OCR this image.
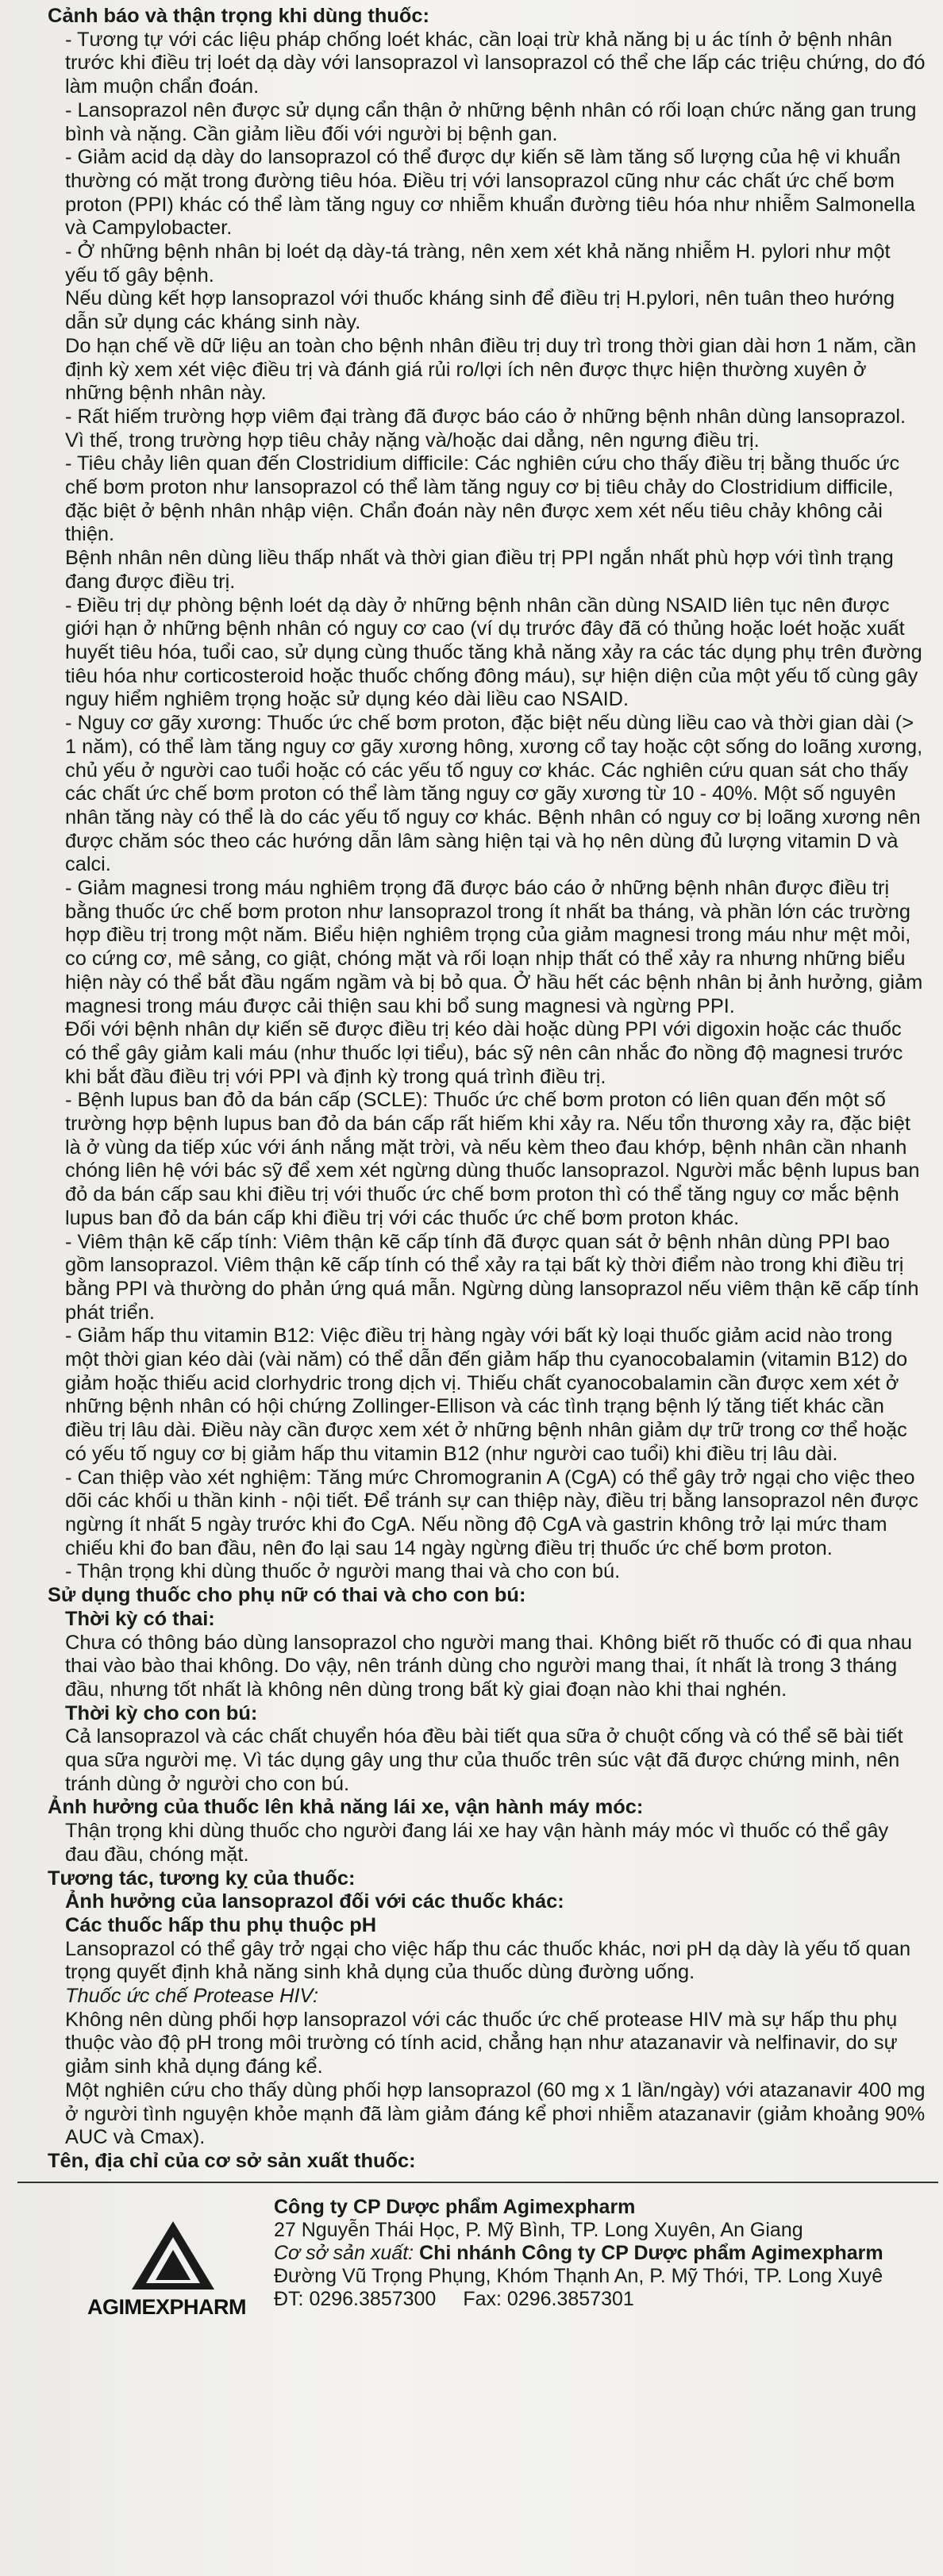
Cảnh báo và thận trọng khi dùng thuốc:

- Tương tự với các liệu pháp chống loét khác, cần loại trừ khả năng bị u ác tính ở bệnh nhân trước khi điều trị loét dạ dày với lansoprazol vì lansoprazol có thể che lấp các triệu chứng, do đó làm muộn chẩn đoán.

- Lansoprazol nên được sử dụng cẩn thận ở những bệnh nhân có rối loạn chức năng gan trung bình và nặng. Cần giảm liều đối với người bị bệnh gan.

- Giảm acid dạ dày do lansoprazol có thể được dự kiến sẽ làm tăng số lượng của hệ vi khuẩn thường có mặt trong đường tiêu hóa. Điều trị với lansoprazol cũng như các chất ức chế bơm proton (PPI) khác có thể làm tăng nguy cơ nhiễm khuẩn đường tiêu hóa như nhiễm Salmonella và Campylobacter.

- Ở những bệnh nhân bị loét dạ dày-tá tràng, nên xem xét khả năng nhiễm H. pylori như một yếu tố gây bệnh.

Nếu dùng kết hợp lansoprazol với thuốc kháng sinh để điều trị H.pylori, nên tuân theo hướng dẫn sử dụng các kháng sinh này.

Do hạn chế về dữ liệu an toàn cho bệnh nhân điều trị duy trì trong thời gian dài hơn 1 năm, cần định kỳ xem xét việc điều trị và đánh giá rủi ro/lợi ích nên được thực hiện thường xuyên ở những bệnh nhân này.

- Rất hiếm trường hợp viêm đại tràng đã được báo cáo ở những bệnh nhân dùng lansoprazol. Vì thế, trong trường hợp tiêu chảy nặng và/hoặc dai dẳng, nên ngưng điều trị.

- Tiêu chảy liên quan đến Clostridium difficile: Các nghiên cứu cho thấy điều trị bằng thuốc ức chế bơm proton như lansoprazol có thể làm tăng nguy cơ bị tiêu chảy do Clostridium difficile, đặc biệt ở bệnh nhân nhập viện. Chẩn đoán này nên được xem xét nếu tiêu chảy không cải thiện.

Bệnh nhân nên dùng liều thấp nhất và thời gian điều trị PPI ngắn nhất phù hợp với tình trạng đang được điều trị.

- Điều trị dự phòng bệnh loét dạ dày ở những bệnh nhân cần dùng NSAID liên tục nên được giới hạn ở những bệnh nhân có nguy cơ cao (ví dụ trước đây đã có thủng hoặc loét hoặc xuất huyết tiêu hóa, tuổi cao, sử dụng cùng thuốc tăng khả năng xảy ra các tác dụng phụ trên đường tiêu hóa như corticosteroid hoặc thuốc chống đông máu), sự hiện diện của một yếu tố cùng gây nguy hiểm nghiêm trọng hoặc sử dụng kéo dài liều cao NSAID.

- Nguy cơ gãy xương: Thuốc ức chế bơm proton, đặc biệt nếu dùng liều cao và thời gian dài (> 1 năm), có thể làm tăng nguy cơ gãy xương hông, xương cổ tay hoặc cột sống do loãng xương, chủ yếu ở người cao tuổi hoặc có các yếu tố nguy cơ khác. Các nghiên cứu quan sát cho thấy các chất ức chế bơm proton có thể làm tăng nguy cơ gãy xương từ 10 - 40%. Một số nguyên nhân tăng này có thể là do các yếu tố nguy cơ khác. Bệnh nhân có nguy cơ bị loãng xương nên được chăm sóc theo các hướng dẫn lâm sàng hiện tại và họ nên dùng đủ lượng vitamin D và calci.

- Giảm magnesi trong máu nghiêm trọng đã được báo cáo ở những bệnh nhân được điều trị bằng thuốc ức chế bơm proton như lansoprazol trong ít nhất ba tháng, và phần lớn các trường hợp điều trị trong một năm. Biểu hiện nghiêm trọng của giảm magnesi trong máu như mệt mỏi, co cứng cơ, mê sảng, co giật, chóng mặt và rối loạn nhịp thất có thể xảy ra nhưng những biểu hiện này có thể bắt đầu ngấm ngầm và bị bỏ qua. Ở hầu hết các bệnh nhân bị ảnh hưởng, giảm magnesi trong máu được cải thiện sau khi bổ sung magnesi và ngừng PPI.

Đối với bệnh nhân dự kiến sẽ được điều trị kéo dài hoặc dùng PPI với digoxin hoặc các thuốc có thể gây giảm kali máu (như thuốc lợi tiểu), bác sỹ nên cân nhắc đo nồng độ magnesi trước khi bắt đầu điều trị với PPI và định kỳ trong quá trình điều trị.

- Bệnh lupus ban đỏ da bán cấp (SCLE): Thuốc ức chế bơm proton có liên quan đến một số trường hợp bệnh lupus ban đỏ da bán cấp rất hiếm khi xảy ra. Nếu tổn thương xảy ra, đặc biệt là ở vùng da tiếp xúc với ánh nắng mặt trời, và nếu kèm theo đau khớp, bệnh nhân cần nhanh chóng liên hệ với bác sỹ để xem xét ngừng dùng thuốc lansoprazol. Người mắc bệnh lupus ban đỏ da bán cấp sau khi điều trị với thuốc ức chế bơm proton thì có thể tăng nguy cơ mắc bệnh lupus ban đỏ da bán cấp khi điều trị với các thuốc ức chế bơm proton khác.

- Viêm thận kẽ cấp tính: Viêm thận kẽ cấp tính đã được quan sát ở bệnh nhân dùng PPI bao gồm lansoprazol. Viêm thận kẽ cấp tính có thể xảy ra tại bất kỳ thời điểm nào trong khi điều trị bằng PPI và thường do phản ứng quá mẫn. Ngừng dùng lansoprazol nếu viêm thận kẽ cấp tính phát triển.

- Giảm hấp thu vitamin B12: Việc điều trị hàng ngày với bất kỳ loại thuốc giảm acid nào trong một thời gian kéo dài (vài năm) có thể dẫn đến giảm hấp thu cyanocobalamin (vitamin B12) do giảm hoặc thiếu acid clorhydric trong dịch vị. Thiếu chất cyanocobalamin cần được xem xét ở những bệnh nhân có hội chứng Zollinger-Ellison và các tình trạng bệnh lý tăng tiết khác cần điều trị lâu dài. Điều này cần được xem xét ở những bệnh nhân giảm dự trữ trong cơ thể hoặc có yếu tố nguy cơ bị giảm hấp thu vitamin B12 (như người cao tuổi) khi điều trị lâu dài.

- Can thiệp vào xét nghiệm: Tăng mức Chromogranin A (CgA) có thể gây trở ngại cho việc theo dõi các khối u thần kinh - nội tiết. Để tránh sự can thiệp này, điều trị bằng lansoprazol nên được ngừng ít nhất 5 ngày trước khi đo CgA. Nếu nồng độ CgA và gastrin không trở lại mức tham chiếu khi đo ban đầu, nên đo lại sau 14 ngày ngừng điều trị thuốc ức chế bơm proton.

- Thận trọng khi dùng thuốc ở người mang thai và cho con bú.

Sử dụng thuốc cho phụ nữ có thai và cho con bú:

Thời kỳ có thai:

Chưa có thông báo dùng lansoprazol cho người mang thai. Không biết rõ thuốc có đi qua nhau thai vào bào thai không. Do vậy, nên tránh dùng cho người mang thai, ít nhất là trong 3 tháng đầu, nhưng tốt nhất là không nên dùng trong bất kỳ giai đoạn nào khi thai nghén.

Thời kỳ cho con bú:

Cả lansoprazol và các chất chuyển hóa đều bài tiết qua sữa ở chuột cống và có thể sẽ bài tiết qua sữa người mẹ. Vì tác dụng gây ung thư của thuốc trên súc vật đã được chứng minh, nên tránh dùng ở người cho con bú.

Ảnh hưởng của thuốc lên khả năng lái xe, vận hành máy móc:

Thận trọng khi dùng thuốc cho người đang lái xe hay vận hành máy móc vì thuốc có thể gây đau đầu, chóng mặt.

Tương tác, tương kỵ của thuốc:

Ảnh hưởng của lansoprazol đối với các thuốc khác:

Các thuốc hấp thu phụ thuộc pH

Lansoprazol có thể gây trở ngại cho việc hấp thu các thuốc khác, nơi pH dạ dày là yếu tố quan trọng quyết định khả năng sinh khả dụng của thuốc dùng đường uống.

Thuốc ức chế Protease HIV:

Không nên dùng phối hợp lansoprazol với các thuốc ức chế protease HIV mà sự hấp thu phụ thuộc vào độ pH trong môi trường có tính acid, chẳng hạn như atazanavir và nelfinavir, do sự giảm sinh khả dụng đáng kể.

Một nghiên cứu cho thấy dùng phối hợp lansoprazol (60 mg x 1 lần/ngày) với atazanavir 400 mg ở người tình nguyện khỏe mạnh đã làm giảm đáng kể phơi nhiễm atazanavir (giảm khoảng 90% AUC và Cmax).

Tên, địa chỉ của cơ sở sản xuất thuốc:

AGIMEXPHARM
Công ty CP Dược phẩm Agimexpharm
27 Nguyễn Thái Học, P. Mỹ Bình, TP. Long Xuyên, An Giang
Cơ sở sản xuất: Chi nhánh Công ty CP Dược phẩm Agimexpharm
Đường Vũ Trọng Phụng, Khóm Thạnh An, P. Mỹ Thới, TP. Long Xuyê
ĐT: 0296.3857300 Fax: 0296.3857301
